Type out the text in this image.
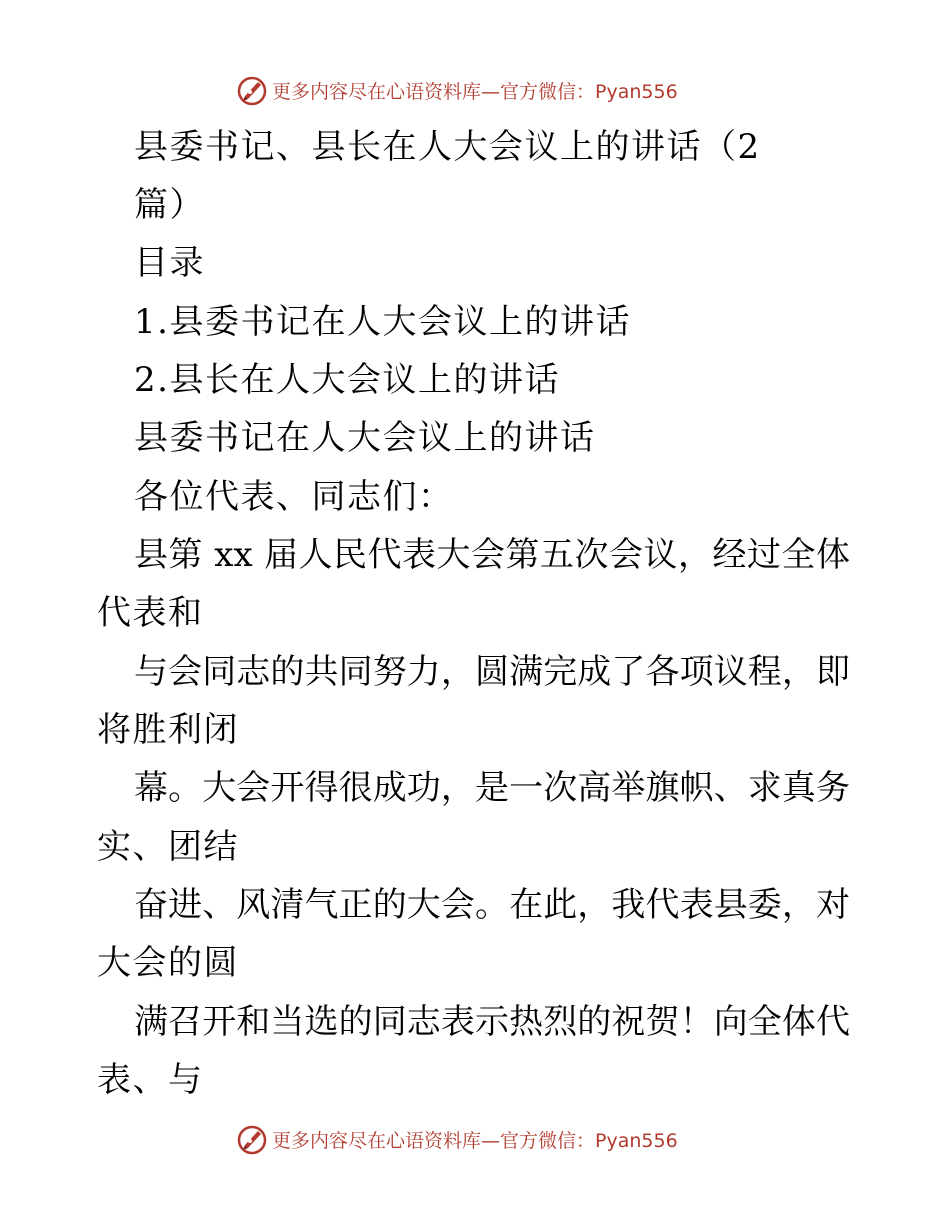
更多内容尽在心语资料库—官方微信：Pyan556
县委书记、县长在人大会议上的讲话（2
篇）
目录
1.县委书记在人大会议上的讲话
2.县长在人大会议上的讲话
县委书记在人大会议上的讲话
各位代表、同志们：
县第 xx 届人民代表大会第五次会议，经过全体
代表和
与会同志的共同努力，圆满完成了各项议程，即
将胜利闭
幕。大会开得很成功，是一次高举旗帜、求真务
实、团结
奋进、风清气正的大会。在此，我代表县委，对
大会的圆
满召开和当选的同志表示热烈的祝贺！向全体代
表、与
更多内容尽在心语资料库—官方微信：Pyan556
